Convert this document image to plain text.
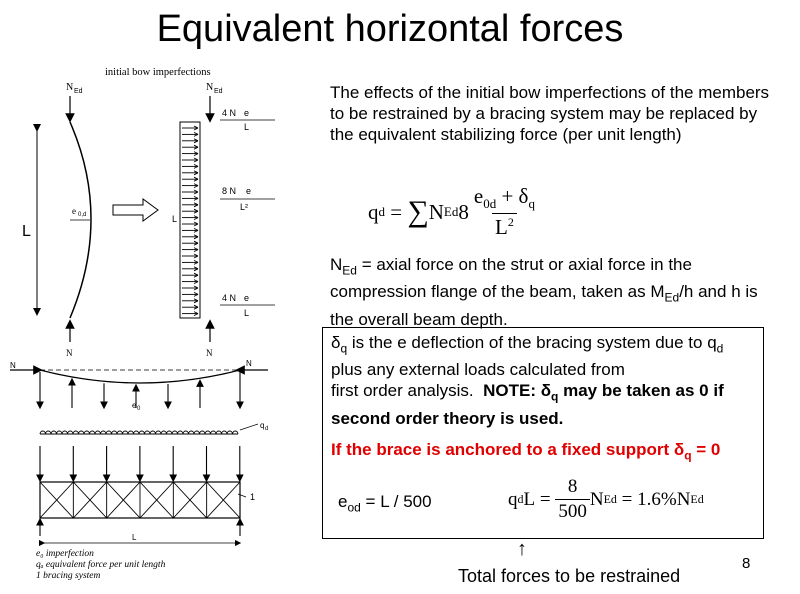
Equivalent horizontal forces
initial bow imperfections
N Ed
N
e 0,d
L
N Ed
N
L
4 N e
L
8 N e
L²
4 N e
L
N	N
e 0
q d
1
L
e₀ imperfection
qₐ equivalent force per unit length
1 bracing system
The effects of the initial bow imperfections of the members to be restrained by a bracing system may be replaced by the equivalent stabilizing force (per unit length)
q d = ∑ N Ed $8 \frac{e_{0d} + \delta_q}{L^2}$
$N_{Ed}$ = axial force on the strut or axial force in the compression flange of the beam, taken as $M_{Ed}/h$ and h is the overall beam depth.
$\delta_q$ is the e deflection of the bracing system due to $q_d$
plus any external loads calculated from
first order analysis.  NOTE: $\delta_q$ may be taken as 0 if second order theory is used.
If the brace is anchored to a fixed support $\delta_q = 0$
$e_{od} = L / 500$	q d $L = \frac{8}{500}$ N Ed = 1.6%N Ed
↑
Total forces to be restrained
8
